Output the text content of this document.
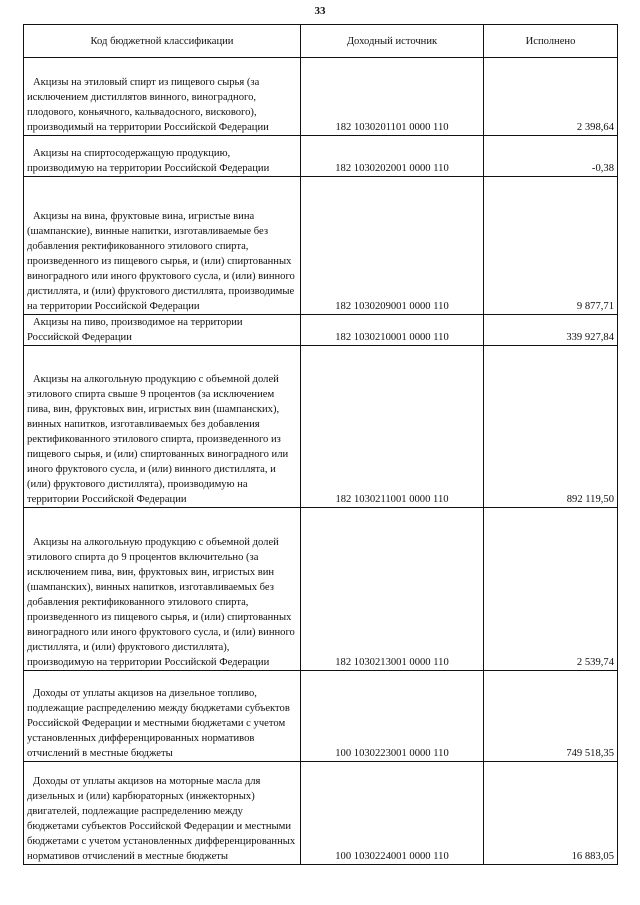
33
Код бюджетной классификации	Доходный источник	Исполнено

Акцизы на этиловый спирт из пищевого сырья (за исключением дистиллятов винного, виноградного, плодового, коньячного, кальвадосного, вискового), производимый на территории Российской Федерации	182 1030201101 0000 110	2 398,64

Акцизы на спиртосодержащую продукцию, производимую на территории Российской Федерации	182 1030202001 0000 110	-0,38

Акцизы на вина, фруктовые вина, игристые вина (шампанские), винные напитки, изготавливаемые без добавления ректификованного этилового спирта, произведенного из пищевого сырья, и (или) спиртованных виноградного или иного фруктового сусла, и (или) винного дистиллята, и (или) фруктового дистиллята, производимые на территории Российской Федерации	182 1030209001 0000 110	9 877,71

Акцизы на пиво, производимое на территории Российской Федерации	182 1030210001 0000 110	339 927,84

Акцизы на алкогольную продукцию с объемной долей этилового спирта свыше 9 процентов (за исключением пива, вин, фруктовых вин, игристых вин (шампанских), винных напитков, изготавливаемых без добавления ректификованного этилового спирта, произведенного из пищевого сырья, и (или) спиртованных виноградного или иного фруктового сусла, и (или) винного дистиллята, и (или) фруктового дистиллята), производимую на территории Российской Федерации	182 1030211001 0000 110	892 119,50

Акцизы на алкогольную продукцию с объемной долей этилового спирта до 9 процентов включительно (за исключением пива, вин, фруктовых вин, игристых вин (шампанских), винных напитков, изготавливаемых без добавления ректификованного этилового спирта, произведенного из пищевого сырья, и (или) спиртованных виноградного или иного фруктового сусла, и (или) винного дистиллята, и (или) фруктового дистиллята), производимую на территории Российской Федерации	182 1030213001 0000 110	2 539,74

Доходы от уплаты акцизов на дизельное топливо, подлежащие распределению между бюджетами субъектов Российской Федерации и местными бюджетами с учетом установленных дифференцированных нормативов отчислений в местные бюджеты	100 1030223001 0000 110	749 518,35

Доходы от уплаты акцизов на моторные масла для дизельных и (или) карбюраторных (инжекторных) двигателей, подлежащие распределению между бюджетами субъектов Российской Федерации и местными бюджетами с учетом установленных дифференцированных нормативов отчислений в местные бюджеты	100 1030224001 0000 110	16 883,05
